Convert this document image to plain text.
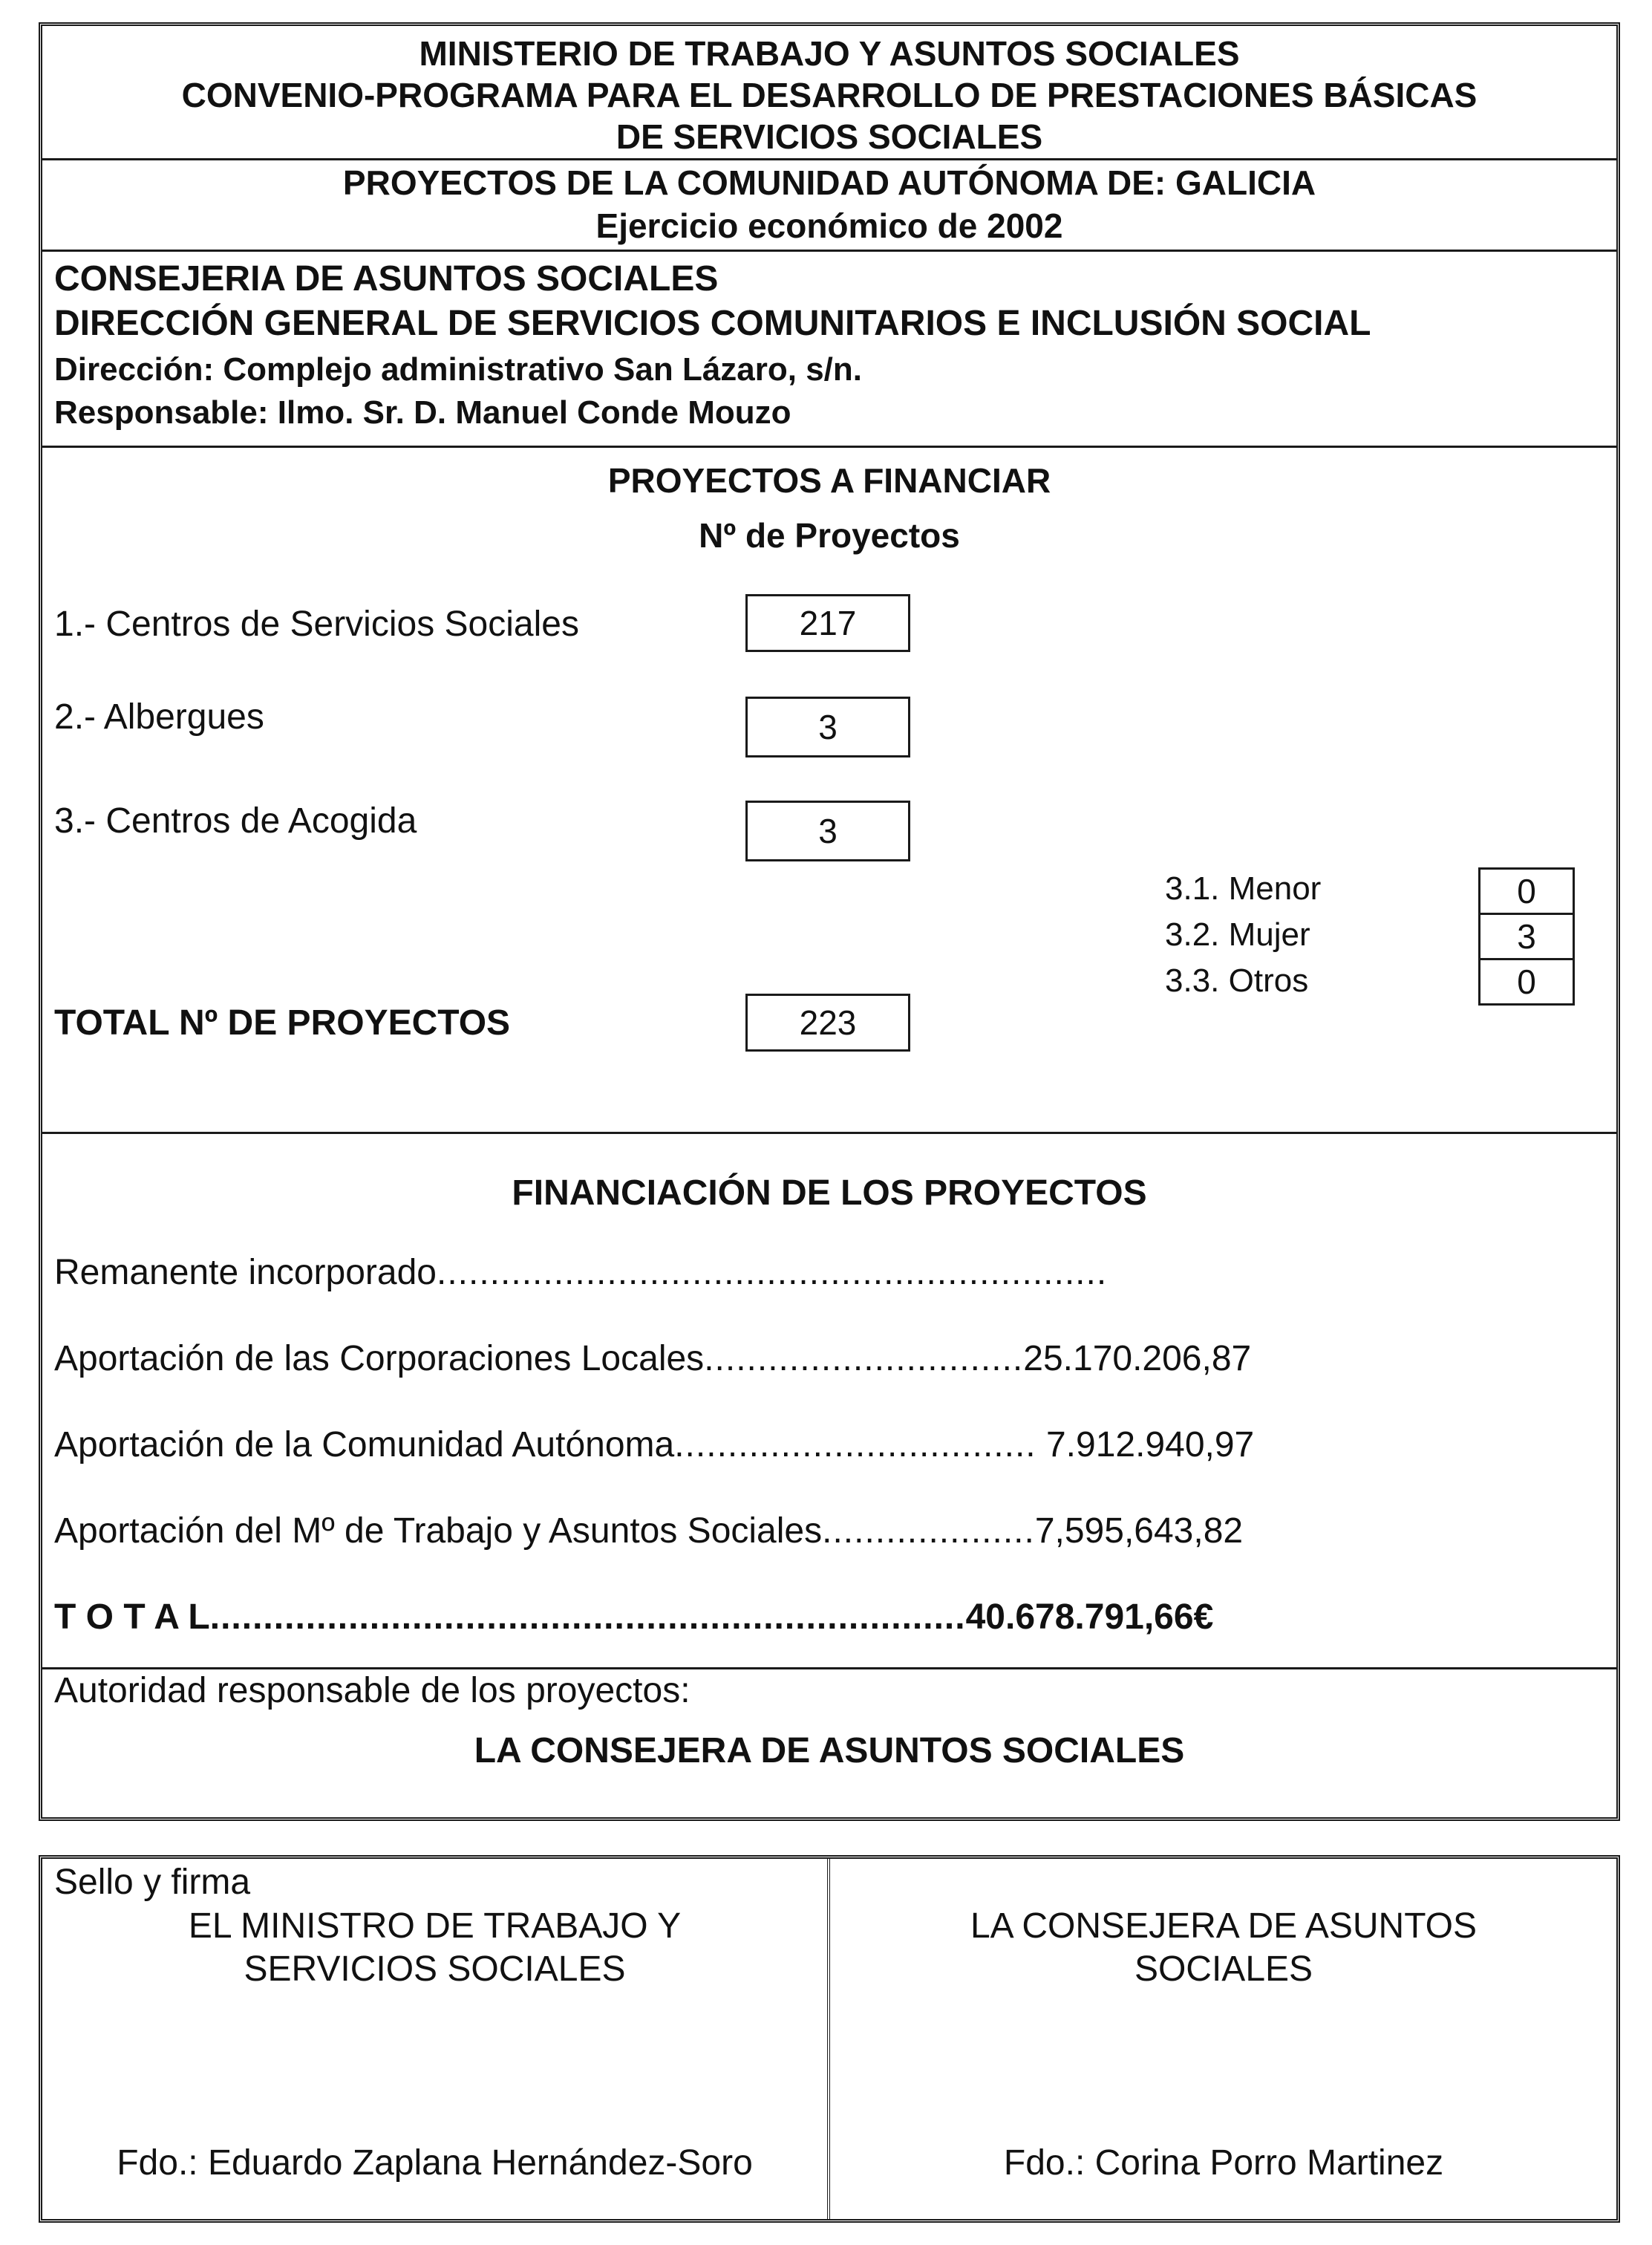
MINISTERIO DE TRABAJO Y ASUNTOS SOCIALES
CONVENIO-PROGRAMA PARA EL DESARROLLO DE PRESTACIONES BÁSICAS
DE SERVICIOS SOCIALES
PROYECTOS DE LA COMUNIDAD AUTÓNOMA DE: GALICIA
Ejercicio económico de 2002
CONSEJERIA DE ASUNTOS SOCIALES
DIRECCIÓN GENERAL DE SERVICIOS COMUNITARIOS E INCLUSIÓN SOCIAL
Dirección: Complejo administrativo San Lázaro, s/n.
Responsable: Ilmo. Sr. D. Manuel Conde Mouzo
PROYECTOS A FINANCIAR
Nº de Proyectos
1.- Centros de Servicios Sociales	217
2.- Albergues	3
3.- Centros de Acogida	3
3.1. Menor	0
3.2. Mujer	3
3.3. Otros	0
TOTAL Nº DE PROYECTOS	223
FINANCIACIÓN DE LOS PROYECTOS
Remanente incorporado...............................................................
Aportación de las Corporaciones Locales..............................25.170.206,87
Aportación de la Comunidad Autónoma.................................. 7.912.940,97
Aportación del Mº de Trabajo y Asuntos Sociales....................7,595,643,82
T O T A L.......................................................................40.678.791,66€
Autoridad responsable de los proyectos:
LA CONSEJERA DE ASUNTOS SOCIALES
Sello y firma
EL MINISTRO DE TRABAJO Y
SERVICIOS SOCIALES
Fdo.: Eduardo Zaplana Hernández-Soro
LA CONSEJERA DE ASUNTOS
SOCIALES
Fdo.: Corina Porro Martinez
